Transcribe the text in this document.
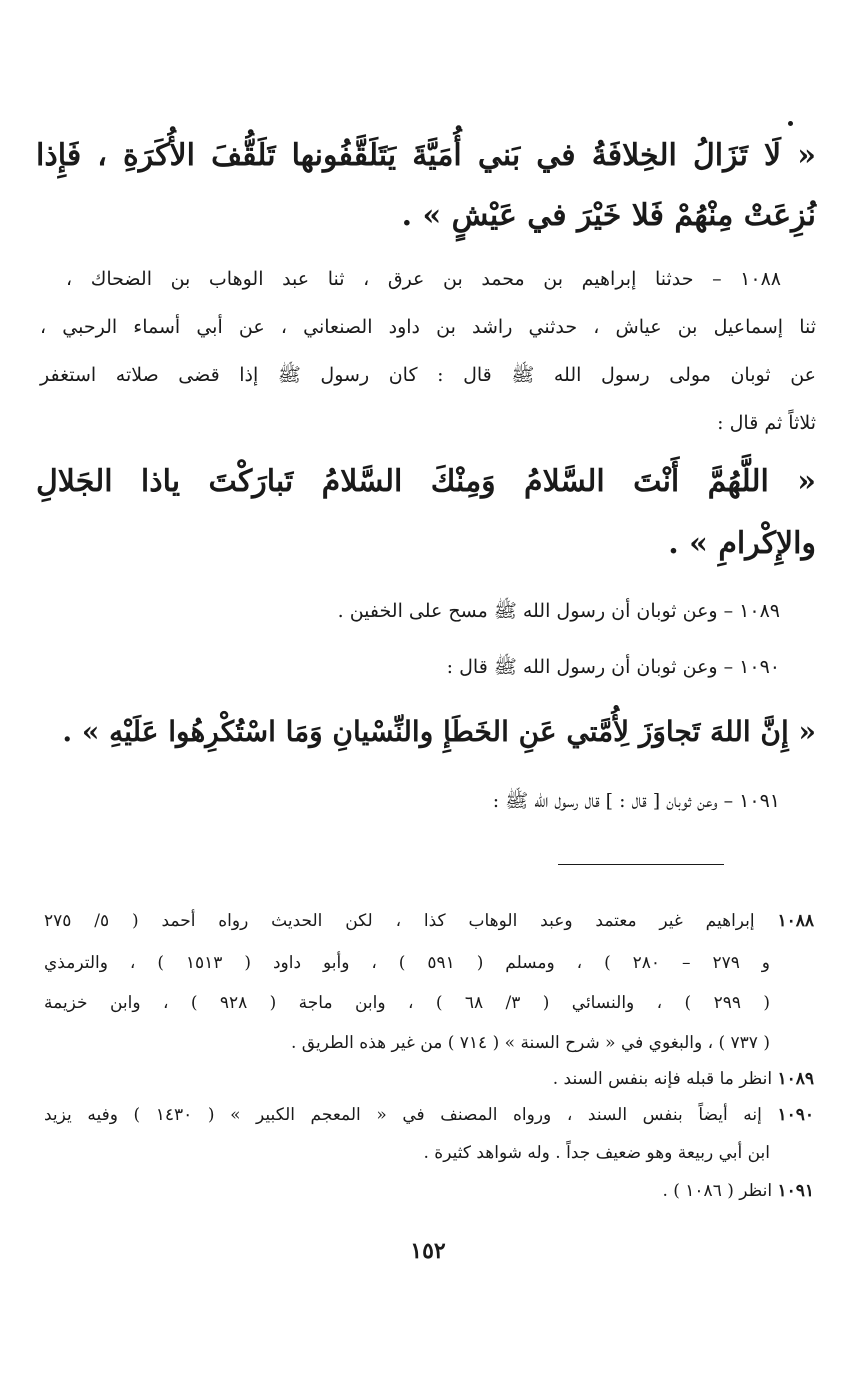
« لَا تَزَالُ الخِلافَةُ في بَني أُمَيَّةَ يَتَلَقَّفُونها تَلَقُّفَ الأُكَرَةِ ، فَإِذا
نُزِعَتْ مِنْهُمْ فَلا خَيْرَ في عَيْشٍ » .
١٠٨٨ – حدثنا إبراهيم بن محمد بن عرق ، ثنا عبد الوهاب بن الضحاك ،
ثنا إسماعيل بن عياش ، حدثني راشد بن داود الصنعاني ، عن أبي أسماء الرحبي ،
عن ثوبان مولى رسول الله ﷺ قال : كان رسول ﷺ إذا قضى صلاته استغفر
ثلاثاً ثم قال :
« اللَّهُمَّ أَنْتَ السَّلامُ وَمِنْكَ السَّلامُ تَبارَكْتَ ياذا الجَلالِ
والإِكْرامِ » .
١٠٨٩ – وعن ثوبان أن رسول الله ﷺ مسح على الخفين .
١٠٩٠ – وعن ثوبان أن رسول الله ﷺ قال :
« إِنَّ اللهَ تَجاوَزَ لِأُمَّتي عَنِ الخَطَإِ والنِّسْيانِ وَمَا اسْتُكْرِهُوا عَلَيْهِ » .
١٠٩١ – وعن ثوبان [ قال : ] قال رسول الله ﷺ :
١٠٨٨ إبراهيم غير معتمد وعبد الوهاب كذا ، لكن الحديث رواه أحمد ( ٥/ ٢٧٥
و ٢٧٩ – ٢٨٠ ) ، ومسلم ( ٥٩١ ) ، وأبو داود ( ١٥١٣ ) ، والترمذي
( ٢٩٩ ) ، والنسائي ( ٣/ ٦٨ ) ، وابن ماجة ( ٩٢٨ ) ، وابن خزيمة
( ٧٣٧ ) ، والبغوي في « شرح السنة » ( ٧١٤ ) من غير هذه الطريق .
١٠٨٩ انظر ما قبله فإنه بنفس السند .
١٠٩٠ إنه أيضاً بنفس السند ، ورواه المصنف في « المعجم الكبير » ( ١٤٣٠ ) وفيه يزيد
ابن أبي ربيعة وهو ضعيف جداً . وله شواهد كثيرة .
١٠٩١ انظر ( ١٠٨٦ ) .
١٥٢
